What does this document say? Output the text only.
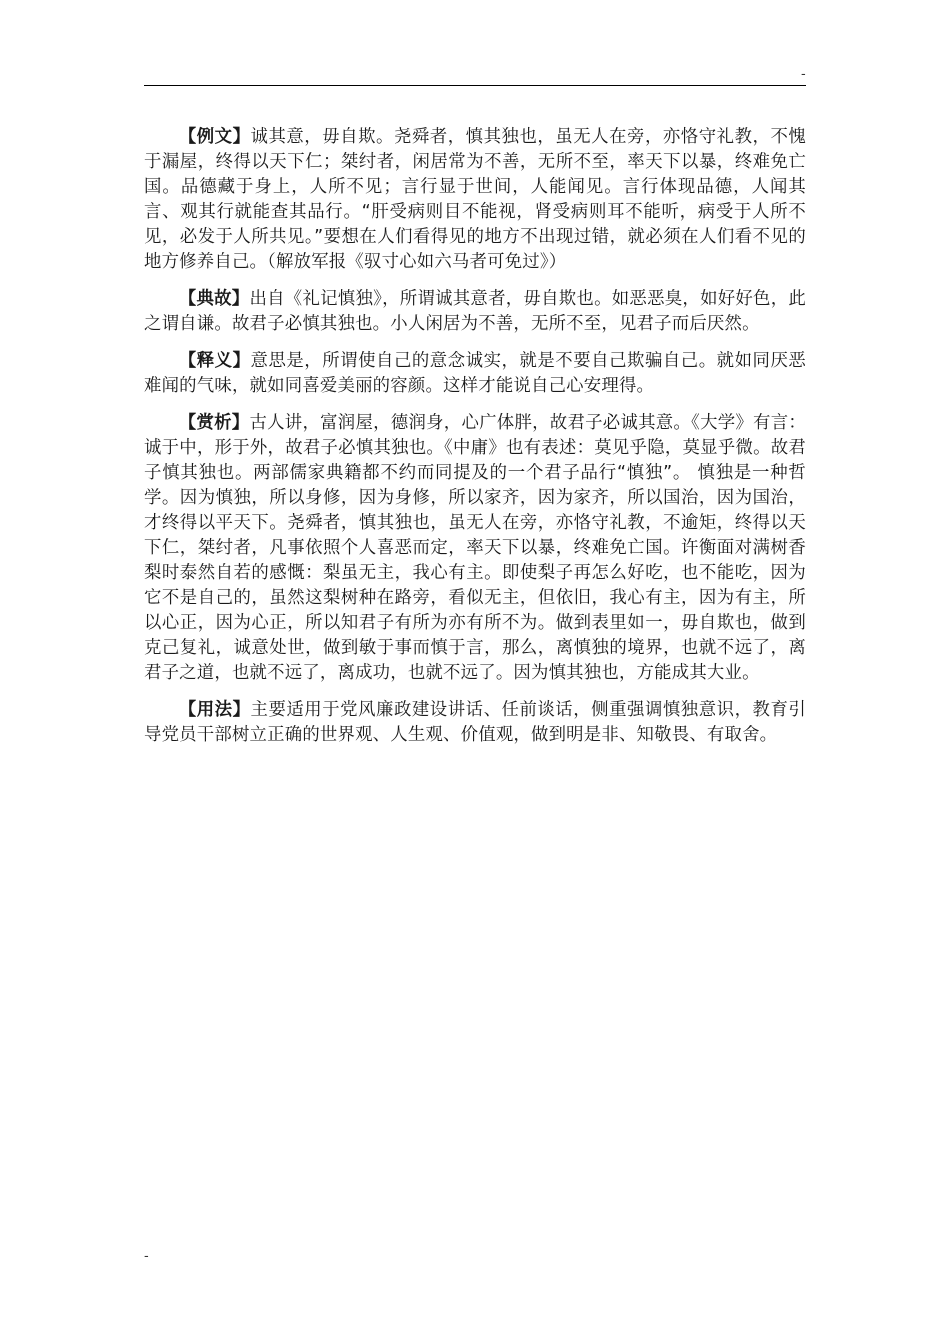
-

【例文】诚其意，毋自欺。尧舜者，慎其独也，虽无人在旁，亦恪守礼教，不愧于漏屋，终得以天下仁；桀纣者，闲居常为不善，无所不至，率天下以暴，终难免亡国。品德藏于身上，人所不见；言行显于世间，人能闻见。言行体现品德，人闻其言、观其行就能查其品行。“肝受病则目不能视，肾受病则耳不能听，病受于人所不见，必发于人所共见。”要想在人们看得见的地方不出现过错，就必须在人们看不见的地方修养自己。（解放军报《驭寸心如六马者可免过》）

【典故】出自《礼记慎独》，所谓诚其意者，毋自欺也。如恶恶臭，如好好色，此之谓自谦。故君子必慎其独也。小人闲居为不善，无所不至，见君子而后厌然。

【释义】意思是，所谓使自己的意念诚实，就是不要自己欺骗自己。就如同厌恶难闻的气味，就如同喜爱美丽的容颜。这样才能说自己心安理得。

【赏析】古人讲，富润屋，德润身，心广体胖，故君子必诚其意。《大学》有言：诚于中，形于外，故君子必慎其独也。《中庸》也有表述：莫见乎隐，莫显乎微。故君子慎其独也。两部儒家典籍都不约而同提及的一个君子品行“慎独”。 慎独是一种哲学。因为慎独，所以身修，因为身修，所以家齐，因为家齐，所以国治，因为国治，才终得以平天下。尧舜者，慎其独也，虽无人在旁，亦恪守礼教，不逾矩，终得以天下仁，桀纣者，凡事依照个人喜恶而定，率天下以暴，终难免亡国。许衡面对满树香梨时泰然自若的感慨：梨虽无主，我心有主。即使梨子再怎么好吃，也不能吃，因为它不是自己的，虽然这梨树种在路旁，看似无主，但依旧，我心有主，因为有主，所以心正，因为心正，所以知君子有所为亦有所不为。做到表里如一，毋自欺也，做到克己复礼，诚意处世，做到敏于事而慎于言，那么，离慎独的境界，也就不远了，离君子之道，也就不远了，离成功，也就不远了。因为慎其独也，方能成其大业。

【用法】主要适用于党风廉政建设讲话、任前谈话，侧重强调慎独意识，教育引导党员干部树立正确的世界观、人生观、价值观，做到明是非、知敬畏、有取舍。

-
